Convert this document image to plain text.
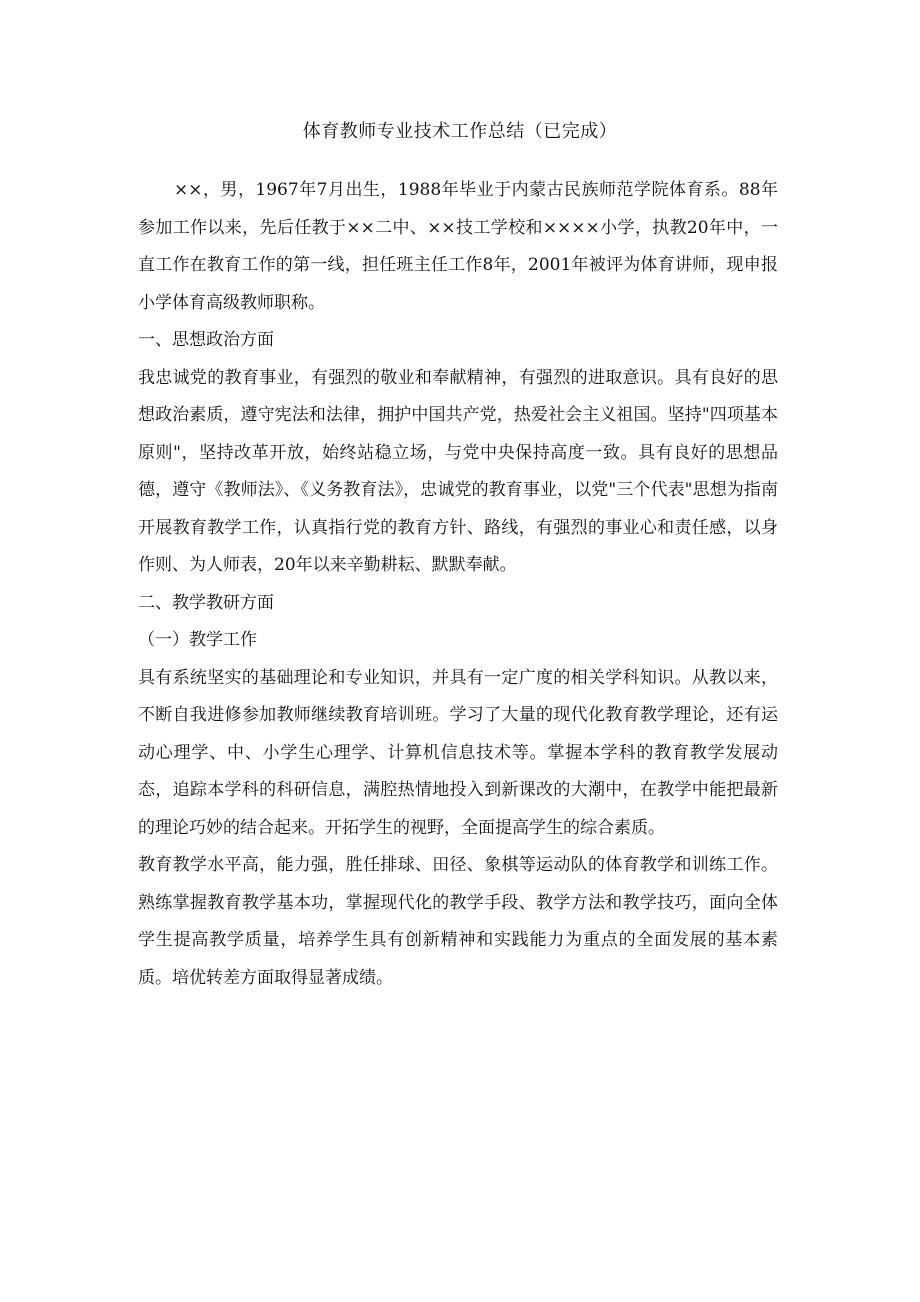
体育教师专业技术工作总结（已完成）

××，男，1967年7月出生，1988年毕业于内蒙古民族师范学院体育系。88年参加工作以来，先后任教于××二中、××技工学校和××××小学，执教20年中，一直工作在教育工作的第一线，担任班主任工作8年，2001年被评为体育讲师，现申报小学体育高级教师职称。

一、思想政治方面

我忠诚党的教育事业，有强烈的敬业和奉献精神，有强烈的进取意识。具有良好的思想政治素质，遵守宪法和法律，拥护中国共产党，热爱社会主义祖国。坚持"四项基本原则"，坚持改革开放，始终站稳立场，与党中央保持高度一致。具有良好的思想品德，遵守《教师法》、《义务教育法》，忠诚党的教育事业，以党"三个代表"思想为指南开展教育教学工作，认真指行党的教育方针、路线，有强烈的事业心和责任感，以身作则、为人师表，20年以来辛勤耕耘、默默奉献。

二、教学教研方面
（一）教学工作

具有系统坚实的基础理论和专业知识，并具有一定广度的相关学科知识。从教以来，不断自我进修参加教师继续教育培训班。学习了大量的现代化教育教学理论，还有运动心理学、中、小学生心理学、计算机信息技术等。掌握本学科的教育教学发展动态，追踪本学科的科研信息，满腔热情地投入到新课改的大潮中，在教学中能把最新的理论巧妙的结合起来。开拓学生的视野，全面提高学生的综合素质。

教育教学水平高，能力强，胜任排球、田径、象棋等运动队的体育教学和训练工作。熟练掌握教育教学基本功，掌握现代化的教学手段、教学方法和教学技巧，面向全体学生提高教学质量，培养学生具有创新精神和实践能力为重点的全面发展的基本素质。培优转差方面取得显著成绩。
